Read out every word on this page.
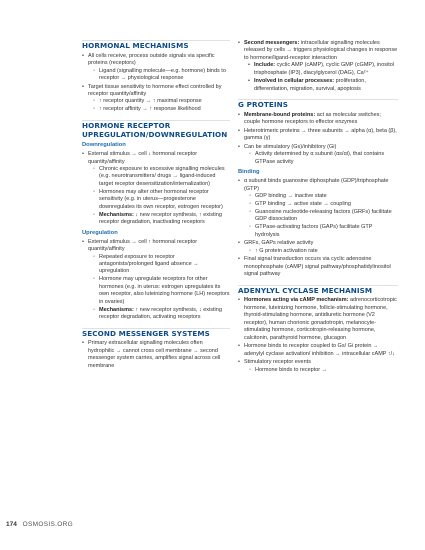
HORMONAL MECHANISMS
• All cells receive, process outside signals via specific proteins (receptors)
◦ Ligand (signalling molecule—e.g. hormone) binds to receptor → physiological response
• Target tissue sensitivity to hormone effect controlled by receptor quantity/affinity
◦ ↑ receptor quantity → ↑ maximal response
◦ ↑ receptor affinity → ↑ response likelihood
HORMONE RECEPTOR UPREGULATION/DOWNREGULATION
Downregulation
• External stimulus → cell ↓ hormonal receptor quantity/affinity
◦ Chronic exposure to excessive signalling molecules (e.g. neurotransmitters/ drugs → ligand-induced target receptor desensitization/internalization)
◦ Hormones may alter other hormonal receptor sensitivity (e.g. in uterus—progesterone downregulates its own receptor, estrogen receptor)
◦ Mechanisms: ↓ new receptor synthesis, ↑ existing receptor degradation, inactivating receptors
Upregulation
• External stimulus → cell ↑ hormonal receptor quantity/affinity
◦ Repeated exposure to receptor antagonists/prolonged ligand absence → upregulation
◦ Hormone may upregulate receptors for other hormones (e.g. in uterus: estrogen upregulates its own receptor, also luteinizing hormone (LH) receptors in ovaries)
◦ Mechanisms: ↑ new receptor synthesis, ↓ existing receptor degradation, activating receptors
SECOND MESSENGER SYSTEMS
• Primary extracellular signalling molecules often hydrophilic → cannot cross cell membrane → second messenger system carries, amplifies signal across cell membrane
• Second messengers: intracellular signalling molecules released by cells → triggers physiological changes in response to hormone/ligand-receptor interaction
• Include: cyclic AMP (cAMP), cyclic GMP (cGMP), inositol trisphosphate (IP3), diacylglycerol (DAG), Ca²⁺
• Involved in cellular processes: proliferation, differentiation, migration, survival, apoptosis
G PROTEINS
• Membrane-bound proteins: act as molecular switches; couple hormone receptors to effector enzymes
• Heterotrimeric proteins → three subunits → alpha (α), beta (β), gamma (γ)
• Can be stimulatory (Gs)/inhibitory (Gi)
◦ Activity determined by α subunit (αs/αi), that contains GTPase activity
Binding
• α subunit binds guanosine diphosphate (GDP)/triphosphate (GTP)
◦ GDP binding → inactive state
◦ GTP binding → active state → coupling
◦ Guanosine nucleotide-releasing factors (GRFs) facilitate GDP dissociation
◦ GTPase-activating factors (GAPs) facilitate GTP hydrolysis
• GRFs, GAPs relative activity
◦ ↑ G protein activation rate
• Final signal transduction occurs via cyclic adenosine monophosphate (cAMP) signal pathway/phosphatidylinositol signal pathway
ADENYLYL CYCLASE MECHANISM
• Hormones acting via cAMP mechanism: adrenocorticotropic hormone, luteinizing hormone, follicle-stimulating hormone, thyroid-stimulating hormone, antidiuretic hormone (V2 receptor), human chorionic gonadotropin, melanocyte-stimulating hormone, corticotropin-releasing hormone, calcitonin, parathyroid hormone, glucagon
• Hormone binds to receptor coupled to Gs/ Gi protein → adenylyl cyclase activation/ inhibition → intracellular cAMP ↑/↓
• Stimulatory receptor events
◦ Hormone binds to receptor →
174 OSMOSIS.ORG
